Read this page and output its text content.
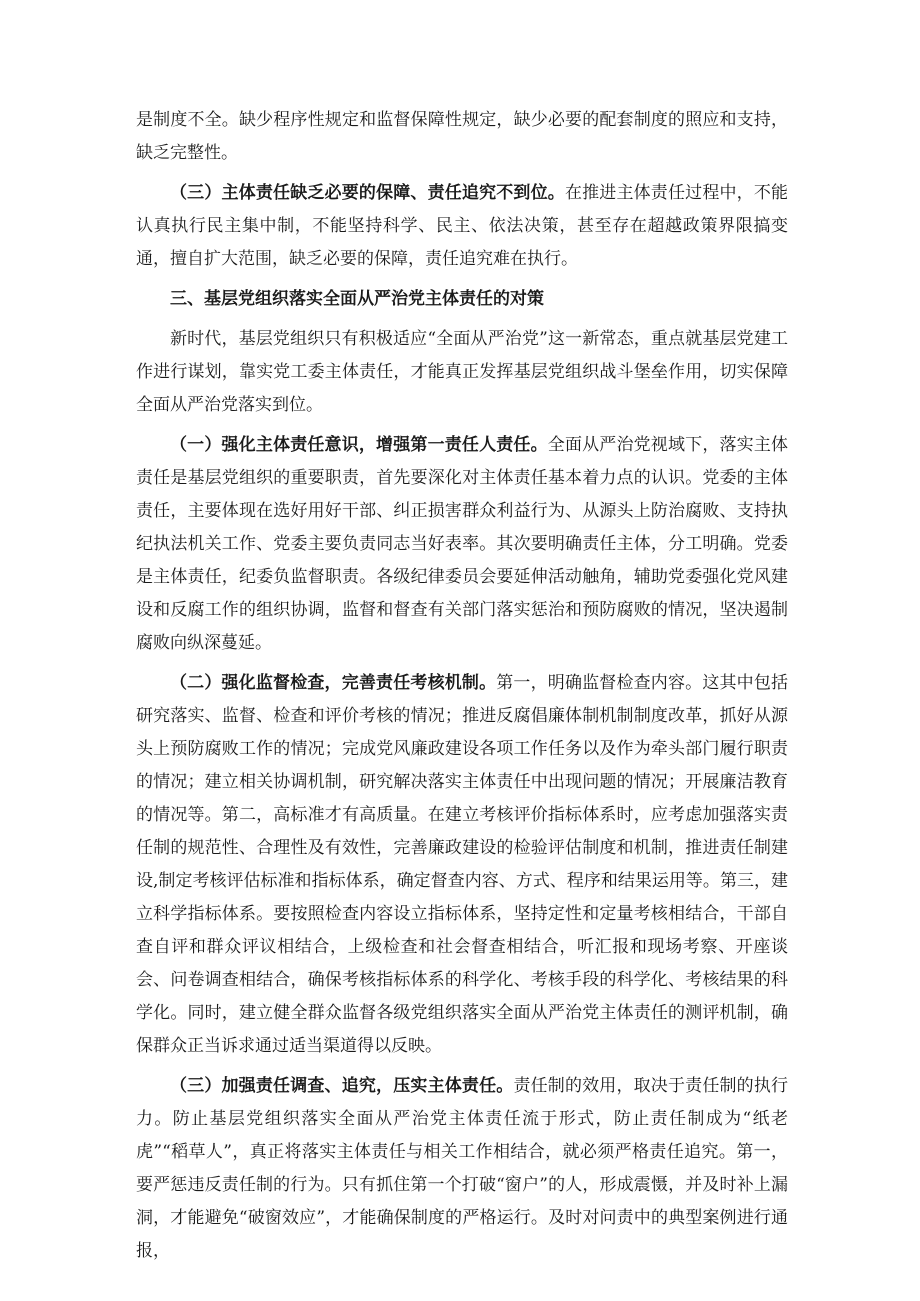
是制度不全。缺少程序性规定和监督保障性规定，缺少必要的配套制度的照应和支持，缺乏完整性。

（三）主体责任缺乏必要的保障、责任追究不到位。在推进主体责任过程中，不能认真执行民主集中制，不能坚持科学、民主、依法决策，甚至存在超越政策界限搞变通，擅自扩大范围，缺乏必要的保障，责任追究难在执行。

三、基层党组织落实全面从严治党主体责任的对策

新时代，基层党组织只有积极适应“全面从严治党”这一新常态，重点就基层党建工作进行谋划，靠实党工委主体责任，才能真正发挥基层党组织战斗堡垒作用，切实保障全面从严治党落实到位。

（一）强化主体责任意识，增强第一责任人责任。全面从严治党视域下，落实主体责任是基层党组织的重要职责，首先要深化对主体责任基本着力点的认识。党委的主体责任，主要体现在选好用好干部、纠正损害群众利益行为、从源头上防治腐败、支持执纪执法机关工作、党委主要负责同志当好表率。其次要明确责任主体，分工明确。党委是主体责任，纪委负监督职责。各级纪律委员会要延伸活动触角，辅助党委强化党风建设和反腐工作的组织协调，监督和督查有关部门落实惩治和预防腐败的情况，坚决遏制腐败向纵深蔓延。

（二）强化监督检查，完善责任考核机制。第一，明确监督检查内容。这其中包括研究落实、监督、检查和评价考核的情况；推进反腐倡廉体制机制制度改革，抓好从源头上预防腐败工作的情况；完成党风廉政建设各项工作任务以及作为牵头部门履行职责的情况；建立相关协调机制，研究解决落实主体责任中出现问题的情况；开展廉洁教育的情况等。第二，高标准才有高质量。在建立考核评价指标体系时，应考虑加强落实责任制的规范性、合理性及有效性，完善廉政建设的检验评估制度和机制，推进责任制建设,制定考核评估标准和指标体系，确定督查内容、方式、程序和结果运用等。第三，建立科学指标体系。要按照检查内容设立指标体系，坚持定性和定量考核相结合，干部自查自评和群众评议相结合，上级检查和社会督查相结合，听汇报和现场考察、开座谈会、问卷调查相结合，确保考核指标体系的科学化、考核手段的科学化、考核结果的科学化。同时，建立健全群众监督各级党组织落实全面从严治党主体责任的测评机制，确保群众正当诉求通过适当渠道得以反映。

（三）加强责任调查、追究，压实主体责任。责任制的效用，取决于责任制的执行力。防止基层党组织落实全面从严治党主体责任流于形式，防止责任制成为“纸老虎”“稻草人”，真正将落实主体责任与相关工作相结合，就必须严格责任追究。第一，要严惩违反责任制的行为。只有抓住第一个打破“窗户”的人，形成震慑，并及时补上漏洞，才能避免“破窗效应”，才能确保制度的严格运行。及时对问责中的典型案例进行通报，
